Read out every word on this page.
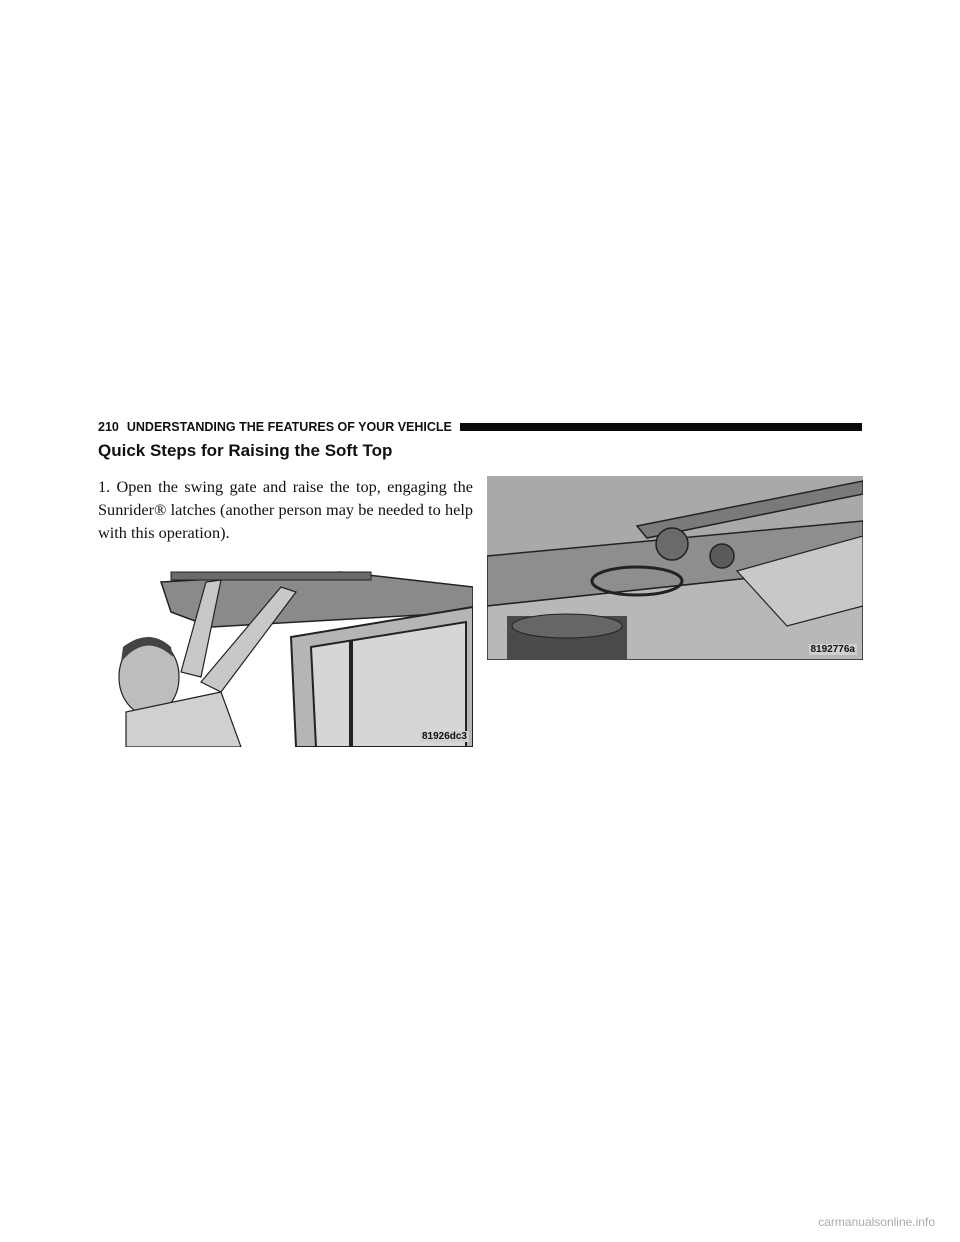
210 UNDERSTANDING THE FEATURES OF YOUR VEHICLE
Quick Steps for Raising the Soft Top
1. Open the swing gate and raise the top, engaging the Sunrider® latches (another person may be needed to help with this operation).
81926dc3
8192776a
carmanualsonline.info
